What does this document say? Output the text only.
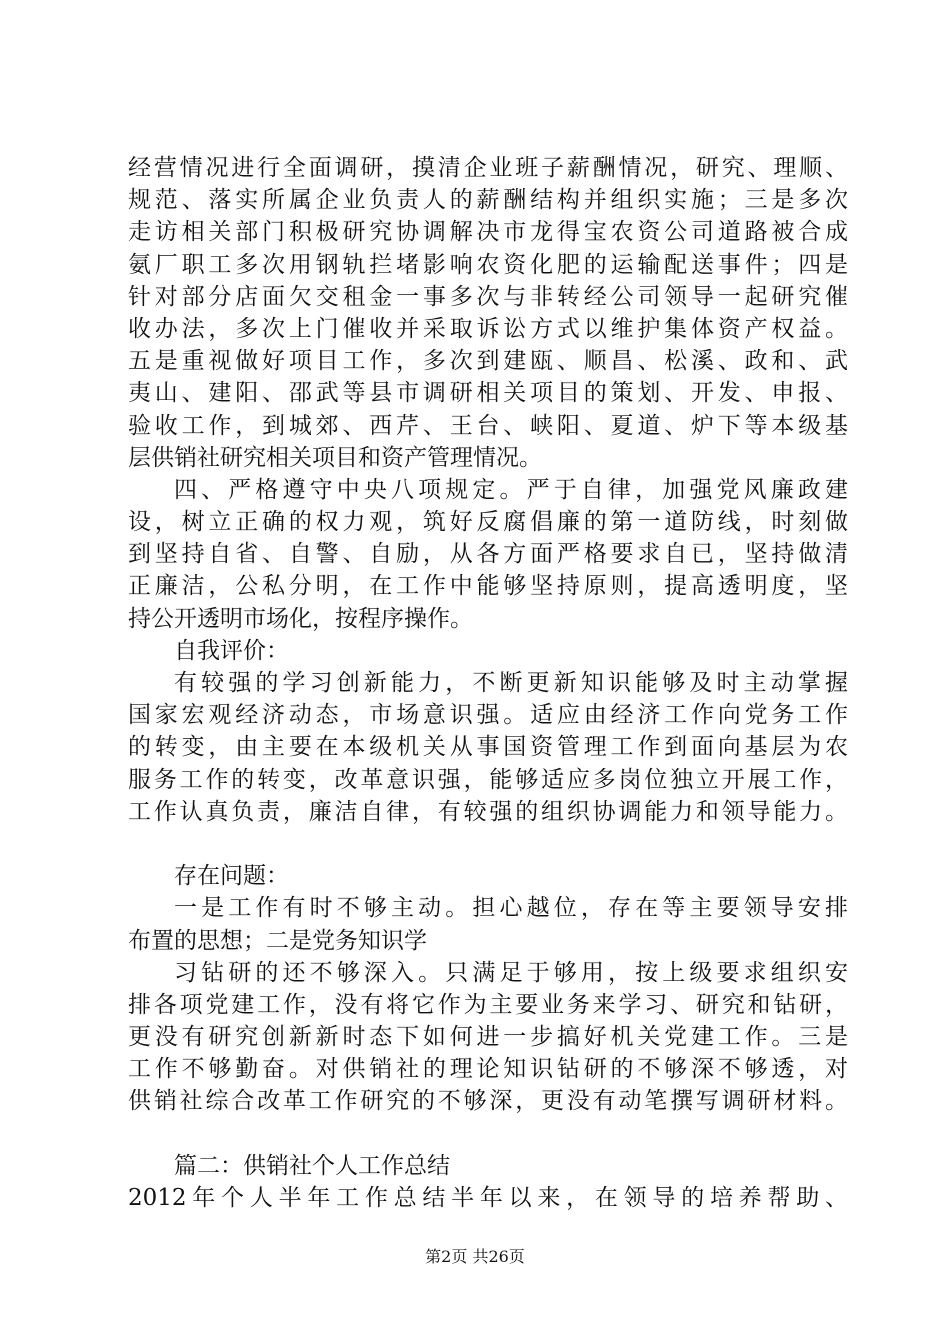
经营情况进行全面调研，摸清企业班子薪酬情况，研究、理顺、
规范、落实所属企业负责人的薪酬结构并组织实施；三是多次
走访相关部门积极研究协调解决市龙得宝农资公司道路被合成
氨厂职工多次用钢轨拦堵影响农资化肥的运输配送事件；四是
针对部分店面欠交租金一事多次与非转经公司领导一起研究催
收办法，多次上门催收并采取诉讼方式以维护集体资产权益。
五是重视做好项目工作，多次到建瓯、顺昌、松溪、政和、武
夷山、建阳、邵武等县市调研相关项目的策划、开发、申报、
验收工作，到城郊、西芹、王台、峡阳、夏道、炉下等本级基
层供销社研究相关项目和资产管理情况。
四、严格遵守中央八项规定。严于自律，加强党风廉政建
设，树立正确的权力观，筑好反腐倡廉的第一道防线，时刻做
到坚持自省、自警、自励，从各方面严格要求自已，坚持做清
正廉洁，公私分明，在工作中能够坚持原则，提高透明度，坚
持公开透明市场化，按程序操作。
自我评价：
有较强的学习创新能力，不断更新知识能够及时主动掌握
国家宏观经济动态，市场意识强。适应由经济工作向党务工作
的转变，由主要在本级机关从事国资管理工作到面向基层为农
服务工作的转变，改革意识强，能够适应多岗位独立开展工作，
工作认真负责，廉洁自律，有较强的组织协调能力和领导能力。
存在问题：
一是工作有时不够主动。担心越位，存在等主要领导安排
布置的思想；二是党务知识学
习钻研的还不够深入。只满足于够用，按上级要求组织安
排各项党建工作，没有将它作为主要业务来学习、研究和钻研，
更没有研究创新新时态下如何进一步搞好机关党建工作。三是
工作不够勤奋。对供销社的理论知识钻研的不够深不够透，对
供销社综合改革工作研究的不够深，更没有动笔撰写调研材料。
篇二：供销社个人工作总结
2012年个人半年工作总结半年以来，在领导的培养帮助、
第2页 共26页
